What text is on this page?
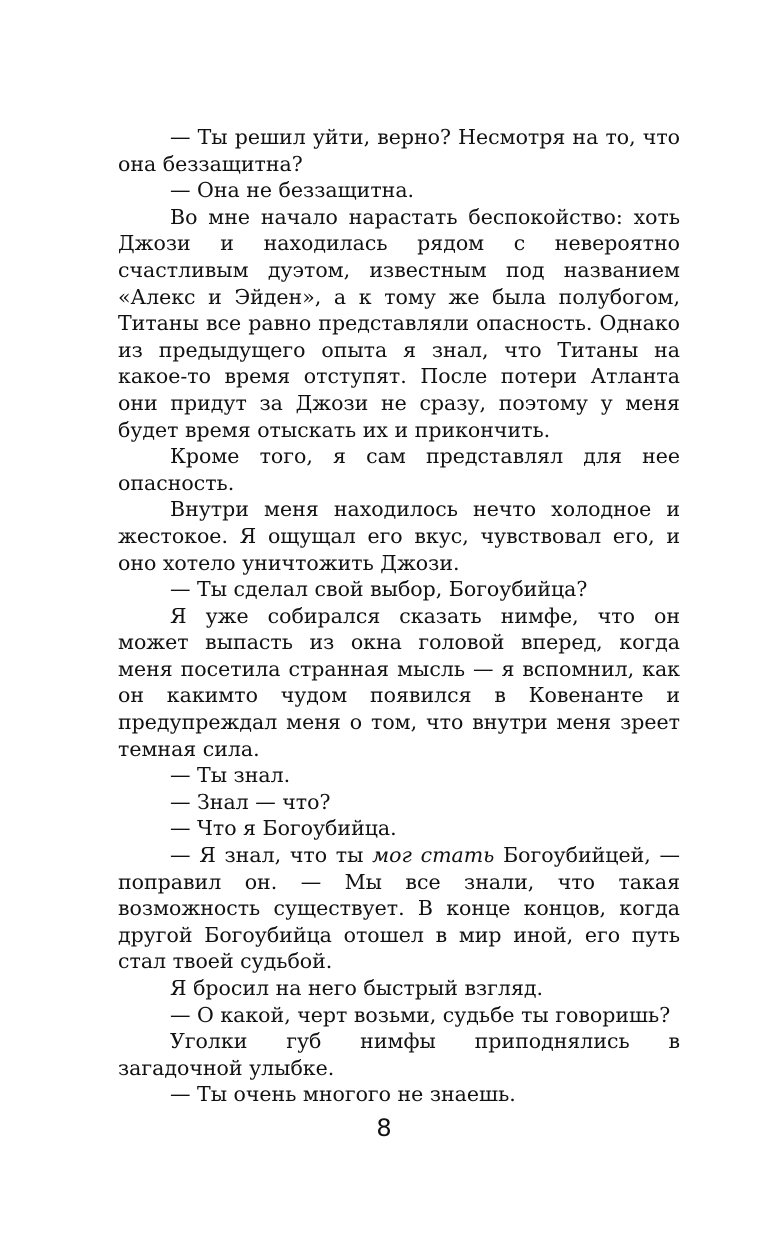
— Ты решил уйти, верно? Несмотря на то, что она беззащитна?

— Она не беззащитна.

Во мне начало нарастать беспокойство: хоть Джози и находилась рядом с невероятно счастливым дуэтом, известным под названием «Алекс и Эйден», а к тому же была полубогом, Титаны все равно представляли опасность. Однако из предыдущего опыта я знал, что Титаны на какое-то время отступят. После потери Атланта они придут за Джози не сразу, поэтому у меня будет время отыскать их и прикончить.

Кроме того, я сам представлял для нее опасность.

Внутри меня находилось нечто холодное и жестокое. Я ощущал его вкус, чувствовал его, и оно хотело уничтожить Джози.

— Ты сделал свой выбор, Богоубийца?

Я уже собирался сказать нимфе, что он может выпасть из окна головой вперед, когда меня посетила странная мысль — я вспомнил, как он какимто чудом появился в Ковенанте и предупреждал меня о том, что внутри меня зреет темная сила.

— Ты знал.

— Знал — что?

— Что я Богоубийца.

— Я знал, что ты мог стать Богоубийцей, — поправил он. — Мы все знали, что такая возможность существует. В конце концов, когда другой Богоубийца отошел в мир иной, его путь стал твоей судьбой.

Я бросил на него быстрый взгляд.

— О какой, черт возьми, судьбе ты говоришь?

Уголки губ нимфы приподнялись в загадочной улыбке.

— Ты очень многого не знаешь.

8
